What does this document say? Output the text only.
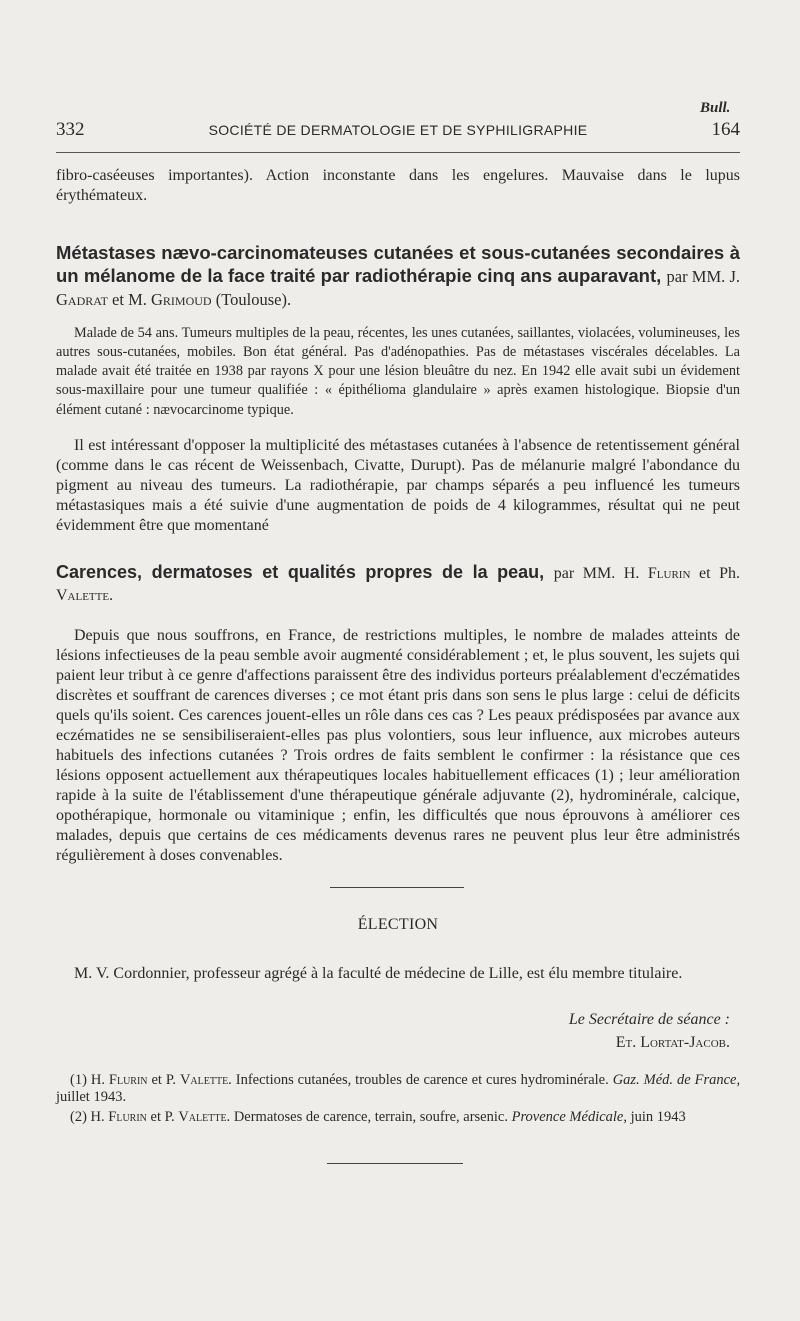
Bull.
332	SOCIÉTÉ DE DERMATOLOGIE ET DE SYPHILIGRAPHIE	164

fibro-caséeuses importantes). Action inconstante dans les engelures. Mauvaise dans le lupus érythémateux.

Métastases nævo-carcinomateuses cutanées et sous-cutanées secondaires à un mélanome de la face traité par radiothérapie cinq ans auparavant, par MM. J. Gadrat et M. Grimoud (Toulouse).

Malade de 54 ans. Tumeurs multiples de la peau, récentes, les unes cutanées, saillantes, violacées, volumineuses, les autres sous-cutanées, mobiles. Bon état général. Pas d'adénopathies. Pas de métastases viscérales décelables. La malade avait été traitée en 1938 par rayons X pour une lésion bleuâtre du nez. En 1942 elle avait subi un évidement sous-maxillaire pour une tumeur qualifiée : « épithélioma glandulaire » après examen histologique. Biopsie d'un élément cutané : nævocarcinome typique.

Il est intéressant d'opposer la multiplicité des métastases cutanées à l'absence de retentissement général (comme dans le cas récent de Weissenbach, Civatte, Durupt). Pas de mélanurie malgré l'abondance du pigment au niveau des tumeurs. La radiothérapie, par champs séparés a peu influencé les tumeurs métastasiques mais a été suivie d'une augmentation de poids de 4 kilogrammes, résultat qui ne peut évidemment être que momentané

Carences, dermatoses et qualités propres de la peau, par MM. H. Flurin et Ph. Valette.

Depuis que nous souffrons, en France, de restrictions multiples, le nombre de malades atteints de lésions infectieuses de la peau semble avoir augmenté considérablement ; et, le plus souvent, les sujets qui paient leur tribut à ce genre d'affections paraissent être des individus porteurs préalablement d'eczématides discrètes et souffrant de carences diverses ; ce mot étant pris dans son sens le plus large : celui de déficits quels qu'ils soient. Ces carences jouent-elles un rôle dans ces cas ? Les peaux prédisposées par avance aux eczématides ne se sensibiliseraient-elles pas plus volontiers, sous leur influence, aux microbes auteurs habituels des infections cutanées ? Trois ordres de faits semblent le confirmer : la résistance que ces lésions opposent actuellement aux thérapeutiques locales habituellement efficaces (1) ; leur amélioration rapide à la suite de l'établissement d'une thérapeutique générale adjuvante (2), hydrominérale, calcique, opothérapique, hormonale ou vitaminique ; enfin, les difficultés que nous éprouvons à améliorer ces malades, depuis que certains de ces médicaments devenus rares ne peuvent plus leur être administrés régulièrement à doses convenables.

ÉLECTION
M. V. Cordonnier, professeur agrégé à la faculté de médecine de Lille, est élu membre titulaire.
Le Secrétaire de séance :
Et. Lortat-Jacob.

(1) H. Flurin et P. Valette. Infections cutanées, troubles de carence et cures hydrominérale. Gaz. Méd. de France, juillet 1943.

(2) H. Flurin et P. Valette. Dermatoses de carence, terrain, soufre, arsenic. Provence Médicale, juin 1943
